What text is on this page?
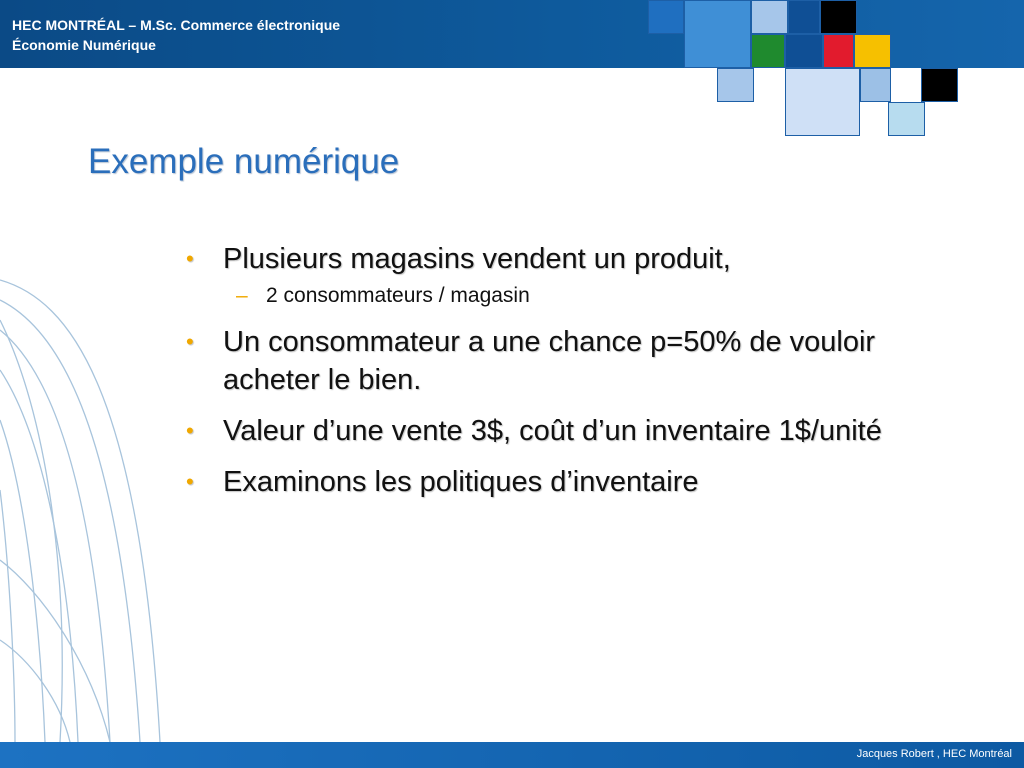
HEC MONTRÉAL – M.Sc. Commerce électronique
Économie Numérique
Exemple numérique
• Plusieurs magasins vendent un produit,
– 2 consommateurs / magasin
• Un consommateur a une chance p=50% de vouloir acheter le bien.
• Valeur d’une vente 3$, coût d’un inventaire 1$/unité
• Examinons les politiques d’inventaire
Jacques Robert , HEC Montréal
